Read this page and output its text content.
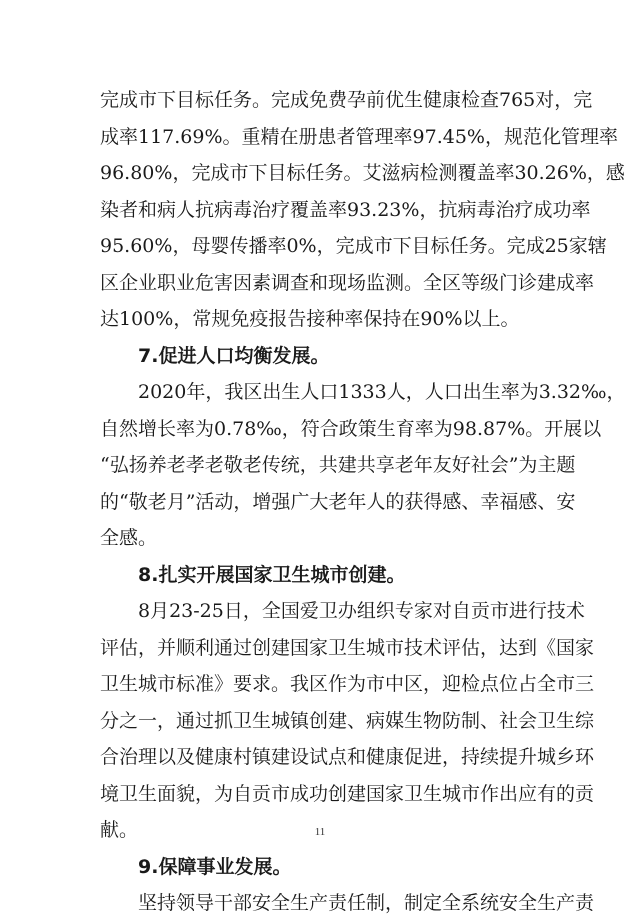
完成市下目标任务。完成免费孕前优生健康检查765对，完
成率117.69%。重精在册患者管理率97.45%，规范化管理率
96.80%，完成市下目标任务。艾滋病检测覆盖率30.26%，感
染者和病人抗病毒治疗覆盖率93.23%，抗病毒治疗成功率
95.60%，母婴传播率0%，完成市下目标任务。完成25家辖
区企业职业危害因素调查和现场监测。全区等级门诊建成率
达100%，常规免疫报告接种率保持在90%以上。
7.促进人口均衡发展。
2020年，我区出生人口1333人，人口出生率为3.32‰，
自然增长率为0.78‰，符合政策生育率为98.87%。开展以
“弘扬养老孝老敬老传统，共建共享老年友好社会”为主题
的“敬老月”活动，增强广大老年人的获得感、幸福感、安
全感。
8.扎实开展国家卫生城市创建。
8月23-25日，全国爱卫办组织专家对自贡市进行技术
评估，并顺利通过创建国家卫生城市技术评估，达到《国家
卫生城市标准》要求。我区作为市中区，迎检点位占全市三
分之一，通过抓卫生城镇创建、病媒生物防制、社会卫生综
合治理以及健康村镇建设试点和健康促进，持续提升城乡环
境卫生面貌，为自贡市成功创建国家卫生城市作出应有的贡
献。
9.保障事业发展。
坚持领导干部安全生产责任制，制定全系统安全生产责
11
